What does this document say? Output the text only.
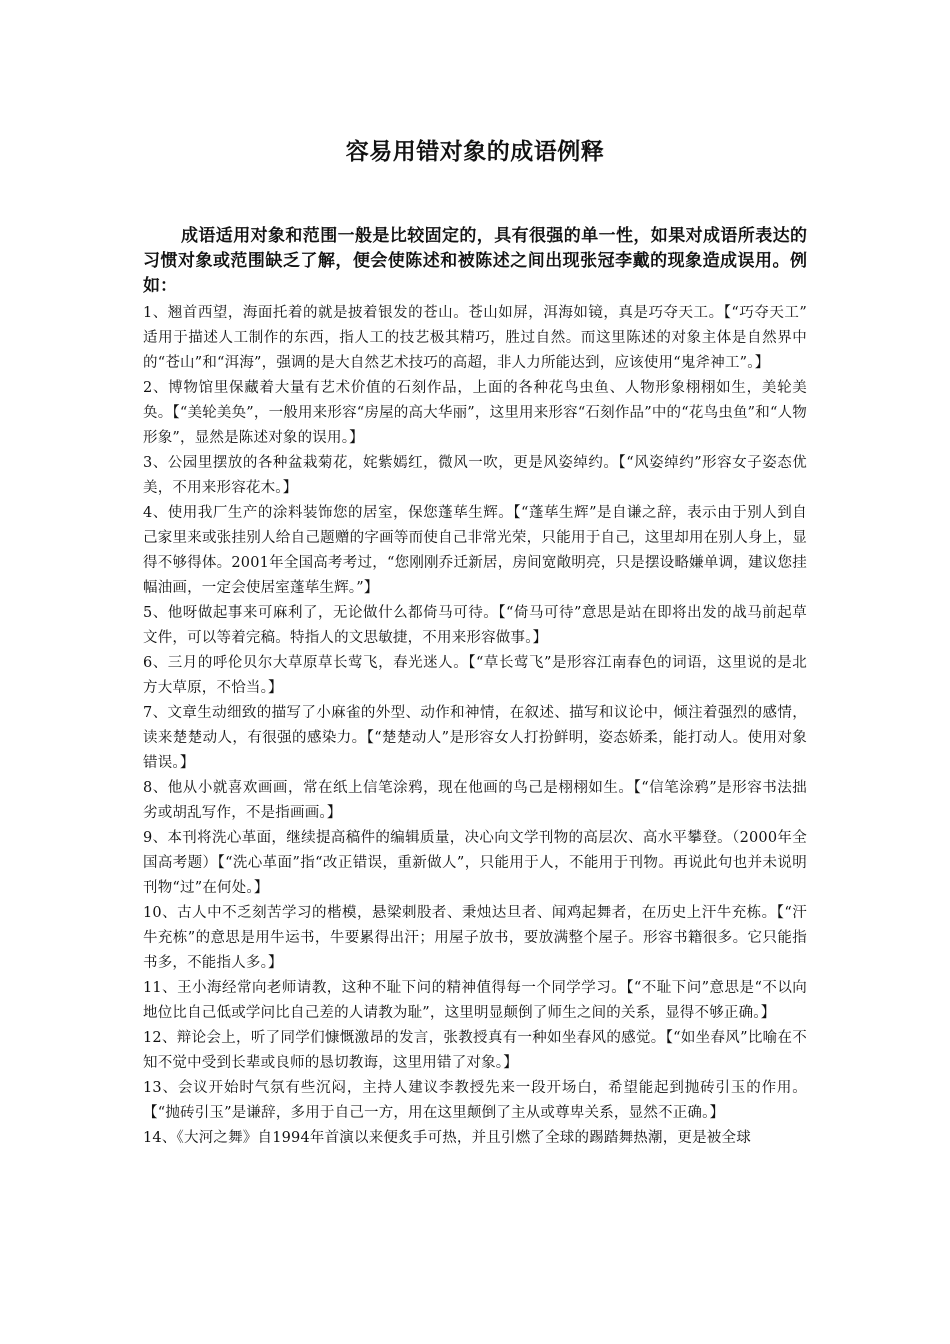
容易用错对象的成语例释

成语适用对象和范围一般是比较固定的，具有很强的单一性，如果对成语所表达的习惯对象或范围缺乏了解，便会使陈述和被陈述之间出现张冠李戴的现象造成误用。例如：

1、翘首西望，海面托着的就是披着银发的苍山。苍山如屏，洱海如镜，真是巧夺天工。【“巧夺天工” 适用于描述人工制作的东西，指人工的技艺极其精巧，胜过自然。而这里陈述的对象主体是自然界中的“苍山”和“洱海”，强调的是大自然艺术技巧的高超，非人力所能达到，应该使用“鬼斧神工”。】

2、博物馆里保藏着大量有艺术价值的石刻作品，上面的各种花鸟虫鱼、人物形象栩栩如生，美轮美奂。【“美轮美奂”，一般用来形容“房屋的高大华丽”，这里用来形容“石刻作品”中的“花鸟虫鱼”和“人物形象”，显然是陈述对象的误用。】

3、公园里摆放的各种盆栽菊花，姹紫嫣红，微风一吹，更是风姿绰约。【“风姿绰约”形容女子姿态优美，不用来形容花木。】

4、使用我厂生产的涂料装饰您的居室，保您蓬荜生辉。【“蓬荜生辉”是自谦之辞，表示由于别人到自己家里来或张挂别人给自己题赠的字画等而使自己非常光荣，只能用于自己，这里却用在别人身上，显得不够得体。2001年全国高考考过，“您刚刚乔迁新居，房间宽敞明亮，只是摆设略嫌单调，建议您挂幅油画，一定会使居室蓬荜生辉。”】

5、他呀做起事来可麻利了，无论做什么都倚马可待。【“倚马可待”意思是站在即将出发的战马前起草文件，可以等着完稿。特指人的文思敏捷，不用来形容做事。】

6、三月的呼伦贝尔大草原草长莺飞，春光迷人。【“草长莺飞”是形容江南春色的词语，这里说的是北方大草原，不恰当。】

7、文章生动细致的描写了小麻雀的外型、动作和神情，在叙述、描写和议论中，倾注着强烈的感情，读来楚楚动人，有很强的感染力。【“楚楚动人”是形容女人打扮鲜明，姿态娇柔，能打动人。使用对象错误。】

8、他从小就喜欢画画，常在纸上信笔涂鸦，现在他画的鸟己是栩栩如生。【“信笔涂鸦”是形容书法拙劣或胡乱写作，不是指画画。】

9、本刊将洗心革面，继续提高稿件的编辑质量，决心向文学刊物的高层次、高水平攀登。（2000年全国高考题）【“洗心革面”指“改正错误，重新做人”，只能用于人，不能用于刊物。再说此句也并未说明刊物“过”在何处。】

10、古人中不乏刻苦学习的楷模，悬梁刺股者、秉烛达旦者、闻鸡起舞者，在历史上汗牛充栋。【“汗牛充栋”的意思是用牛运书，牛要累得出汗；用屋子放书，要放满整个屋子。形容书籍很多。它只能指书多，不能指人多。】

11、王小海经常向老师请教，这种不耻下问的精神值得每一个同学学习。【“不耻下问”意思是“不以向地位比自己低或学问比自己差的人请教为耻”，这里明显颠倒了师生之间的关系，显得不够正确。】

12、辩论会上，听了同学们慷慨激昂的发言，张教授真有一种如坐春风的感觉。【“如坐春风”比喻在不知不觉中受到长辈或良师的恳切教诲，这里用错了对象。】

13、会议开始时气氛有些沉闷，主持人建议李教授先来一段开场白，希望能起到抛砖引玉的作用。【“抛砖引玉”是谦辞，多用于自己一方，用在这里颠倒了主从或尊卑关系，显然不正确。】

14、《大河之舞》自1994年首演以来便炙手可热，并且引燃了全球的踢踏舞热潮，更是被全球
